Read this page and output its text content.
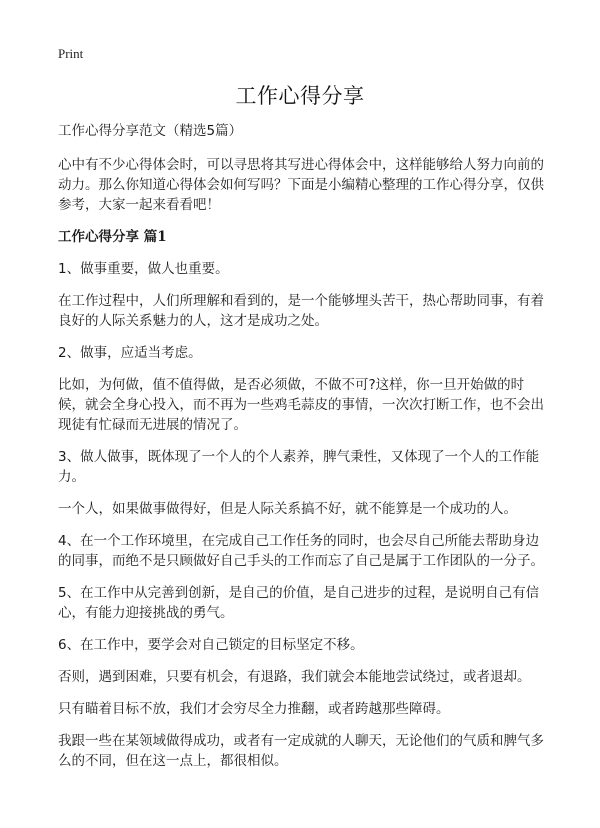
Print
工作心得分享

工作心得分享范文（精选5篇）

心中有不少心得体会时，可以寻思将其写进心得体会中，这样能够给人努力向前的动力。那么你知道心得体会如何写吗？下面是小编精心整理的工作心得分享，仅供参考，大家一起来看看吧！

工作心得分享 篇1

1、做事重要，做人也重要。

在工作过程中，人们所理解和看到的，是一个能够埋头苦干，热心帮助同事，有着良好的人际关系魅力的人，这才是成功之处。

2、做事，应适当考虑。

比如，为何做，值不值得做，是否必须做，不做不可?这样，你一旦开始做的时候，就会全身心投入，而不再为一些鸡毛蒜皮的事情，一次次打断工作，也不会出现徒有忙碌而无进展的情况了。

3、做人做事，既体现了一个人的个人素养，脾气秉性，又体现了一个人的工作能力。

一个人，如果做事做得好，但是人际关系搞不好，就不能算是一个成功的人。

4、在一个工作环境里，在完成自己工作任务的同时，也会尽自己所能去帮助身边的同事，而绝不是只顾做好自己手头的工作而忘了自己是属于工作团队的一分子。

5、在工作中从完善到创新，是自己的价值，是自己进步的过程，是说明自己有信心，有能力迎接挑战的勇气。

6、在工作中，要学会对自己锁定的目标坚定不移。

否则，遇到困难，只要有机会，有退路，我们就会本能地尝试绕过，或者退却。

只有瞄着目标不放，我们才会穷尽全力推翻，或者跨越那些障碍。

我跟一些在某领域做得成功，或者有一定成就的人聊天，无论他们的气质和脾气多么的不同，但在这一点上，都很相似。
